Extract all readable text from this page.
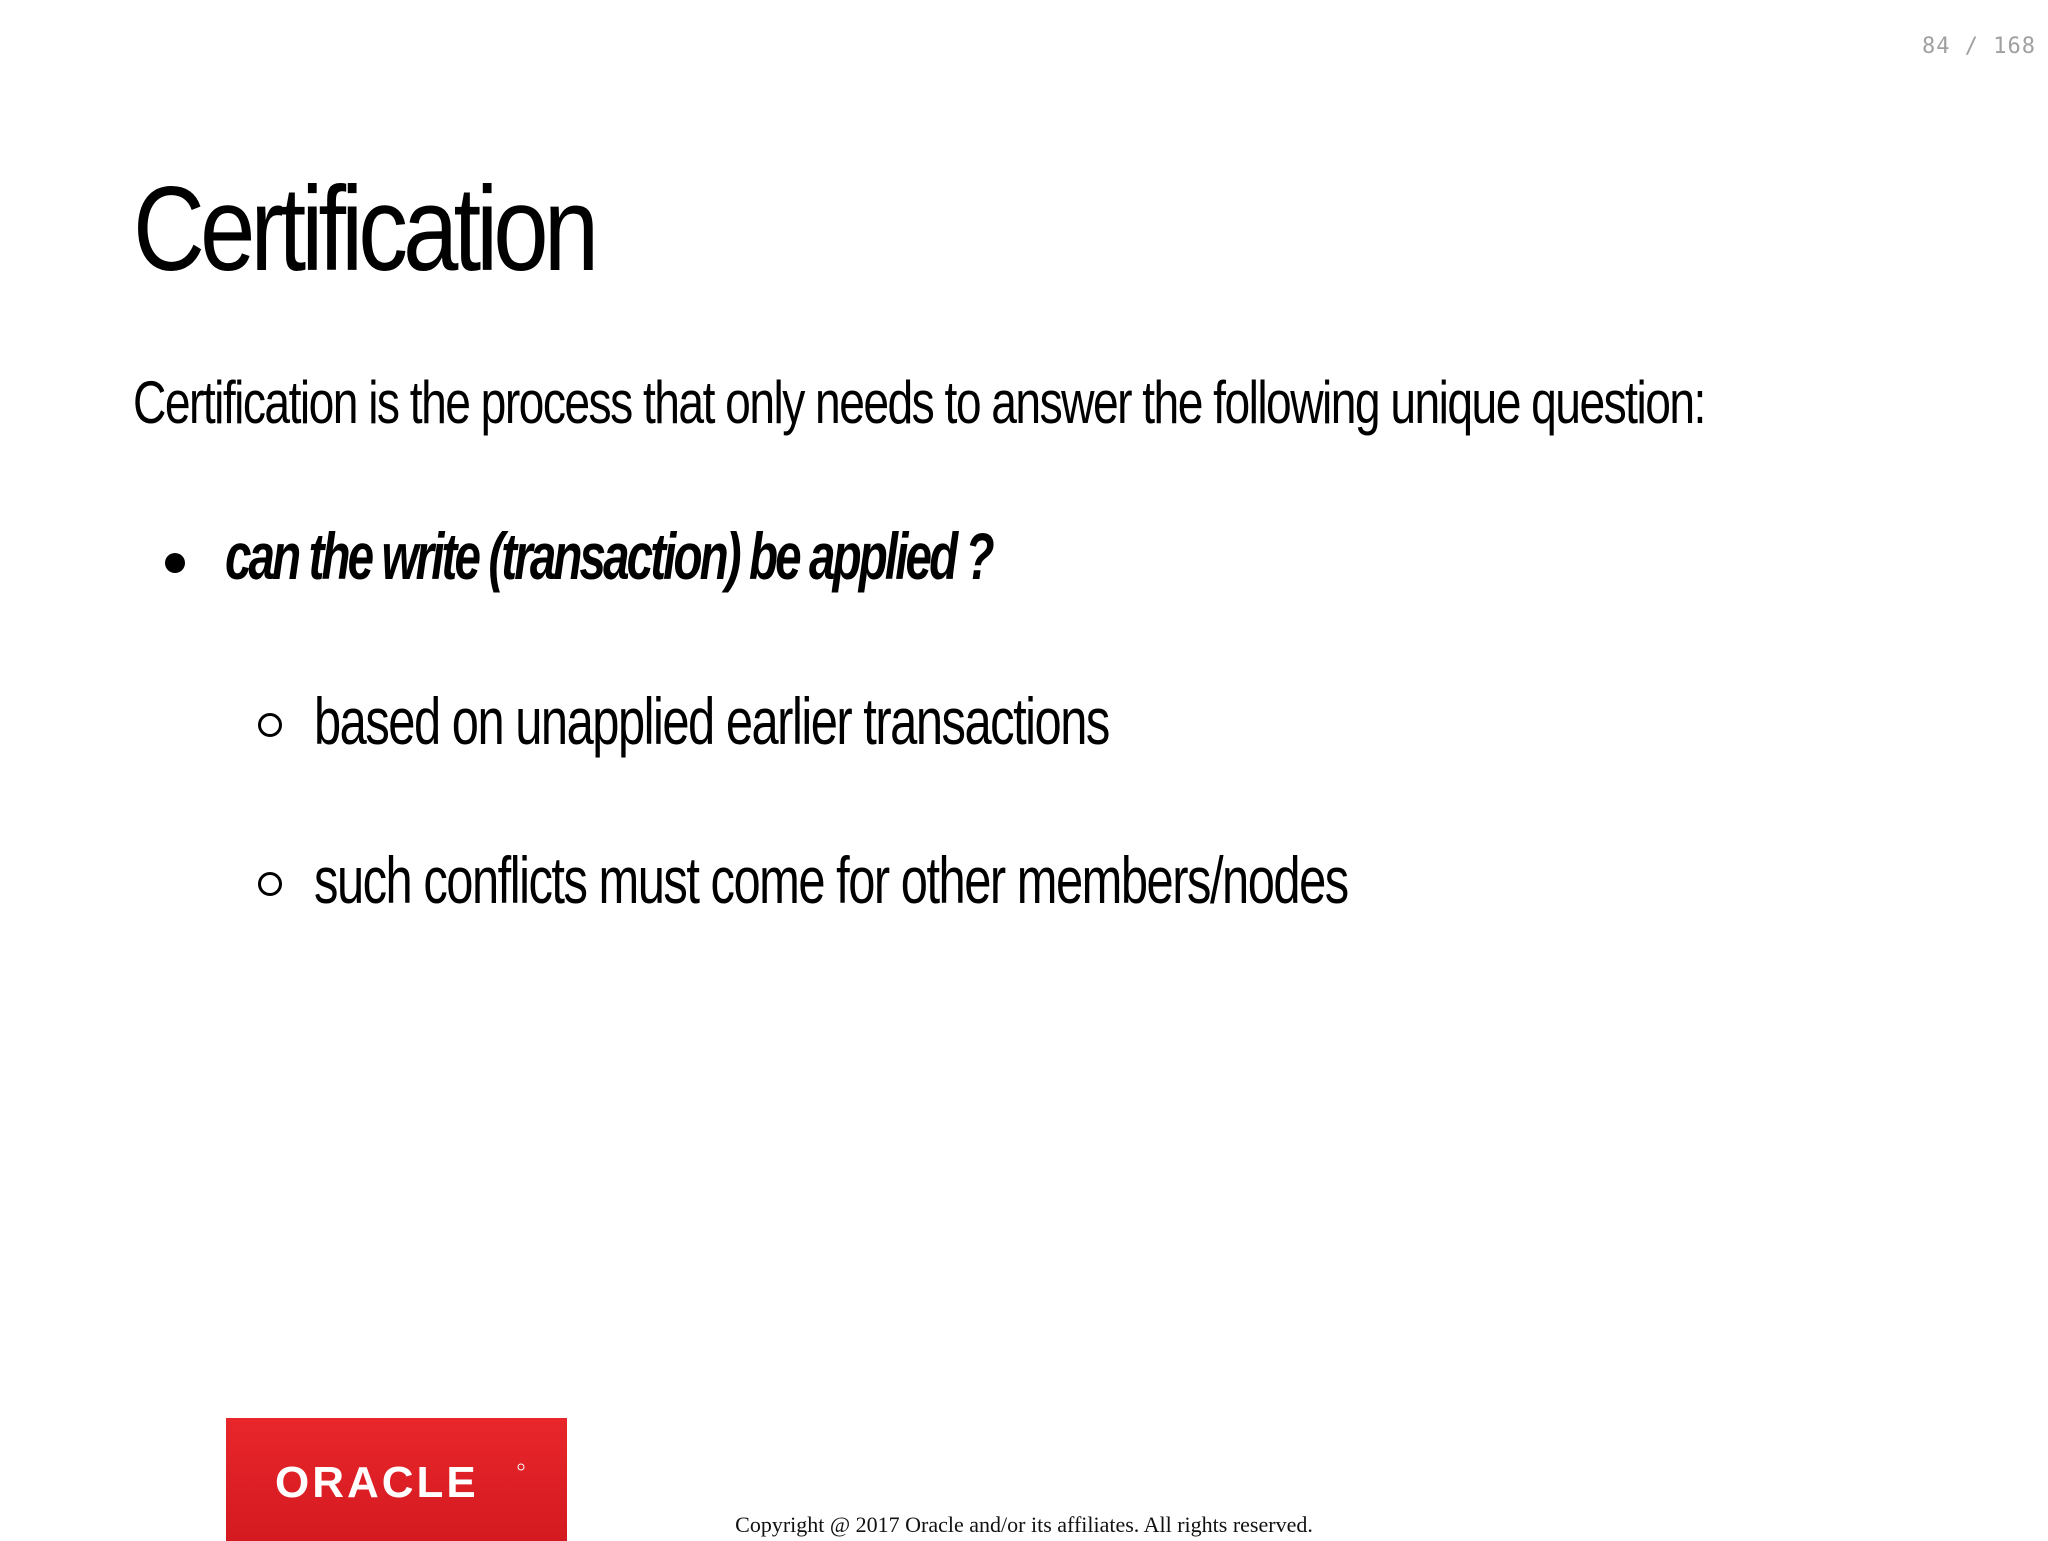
84 / 168
Certification

Certification is the process that only needs to answer the following unique question:

can the write (transaction) be applied ?
based on unapplied earlier transactions
such conflicts must come for other members/nodes
ORACLE
Copyright @ 2017 Oracle and/or its affiliates. All rights reserved.
